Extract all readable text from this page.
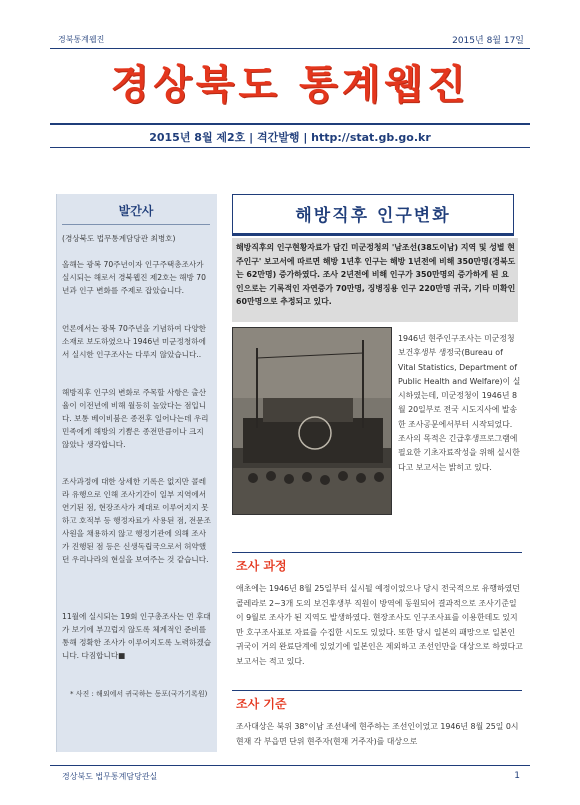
경북통계웹진	2015년 8월 17일
경상북도 통계웹진
2015년 8월 제2호 | 격간발행 | http://stat.gb.go.kr
발간사
(경상북도 법무통계담당관 최병호)
올해는 광복 70주년이자 인구주택총조사가 실시되는 해로서 경북웹진 제2호는 해방 70년과 인구 변화를 주제로 잡았습니다.
언론에서는 광복 70주년을 기념하여 다양한 소재로 보도하였으나 1946년 미군정청하에서 실시한 인구조사는 다루지 않았습니다..
해방직후 인구의 변화로 주목할 사항은 출산율이 이전년에 비해 월등히 높았다는 점입니다. 보통 베이비붐은 종전후 일어나는데 우리 민족에게 해방의 기쁨은 종전만큼이나 크지 않았나 생각합니다.
조사과정에 대한 상세한 기록은 없지만 콜레라 유행으로 인해 조사기간이 일부 지역에서 연기된 점, 현장조사가 제대로 이루어지지 못하고 호적부 등 행정자료가 사용된 점, 전문조사원을 채용하지 않고 행정기관에 의해 조사가 진행된 점 등은 신생독립국으로서 허약했던 우리나라의 현실을 보여주는 것 같습니다.
11월에 실시되는 19회 인구총조사는 먼 후대가 보기에 부끄럽지 않도록 체계적인 준비를 통해 정확한 조사가 이루어지도록 노력하겠습니다. 다짐합니다■
* 사진 : 해외에서 귀국하는 동포(국가기록원)
해방직후 인구변화
해방직후의 인구현황자료가 담긴 미군정청의 '남조선(38도이남) 지역 및 성별 현주인구' 보고서에 따르면 해방 1년후 인구는 해방 1년전에 비해 350만명(경북도는 62만명) 증가하였다. 조사 2년전에 비해 인구가 350만명의 증가하게 된 요인으로는 기록적인 자연증가 70만명, 징병징용 인구 220만명 귀국, 기타 미확인 60만명으로 추정되고 있다.
1946년 현주인구조사는 미군정청 보건후생부 생정국(Bureau of Vital Statistics, Department of Public Health and Welfare)이 실시하였는데, 미군정청이 1946년 8월 20일부로 전국 시도지사에 발송한 조사공문에서부터 시작되었다. 조사의 목적은 긴급후생프로그램에 필요한 기초자료작성을 위해 실시한다고 보고서는 밝히고 있다.
조사 과정
애초에는 1946년 8월 25일부터 실시될 예정이었으나 당시 전국적으로 유행하였던 콜레라로 2~3개 도의 보건후생부 직원이 방역에 동원되어 결과적으로 조사기준일이 9월로 조사가 된 지역도 발생하였다. 현장조사도 인구조사표를 이용한데도 있지만 호구조사표로 자료를 수집한 시도도 있었다. 또한 당시 일본의 패망으로 일본인 귀국이 거의 완료단계에 있었기에 일본인은 제외하고 조선인만을 대상으로 하였다고 보고서는 적고 있다.
조사 기준
조사대상은 북위 38°이남 조선내에 현주하는 조선인이었고 1946년 8월 25일 0시 현재 각 부읍면 단위 현주자(현재 거주자)를 대상으로
경상북도 법무통계담당관실	1
